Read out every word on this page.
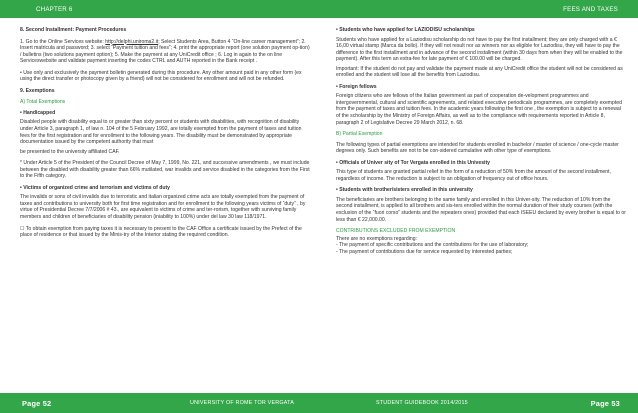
CHAPTER 6	FEES AND TAXES

8. Second Installment: Payment Procedures

1. Go to the Online Services website: http://delphi.uniroma2.it; Select Students Area, Button 4 “On-line career management”; 2. Insert matricula and password; 3. select “Payment tuition and fees”; 4. print the appropriate report (one solution payment op-tion) / bulletins (two solutions payment option); 5. Make the payment at any UniCredit office ; 6. Log in again to the on line Serviceswebsite and validate payment inserting the codes CTRL and AUTH reported in the Bank receipt .

• Use only and exclusively the payment bolletin generated during this procedure. Any other amount paid in any other form (ex using the direct transfer or photocopy given by a friend) will not be considered for enrollment and will not be refunded.

9. Exemptions

A) Total Exemptions

• Handicapped

Disabled people with disability equal to or greater than sixty percent or students with disabilities, with recognition of disability under Article 3, paragraph 1, of law n. 104 of the 5 February 1992, are totally exempted from the payment of taxes and tuition fees for the first registration and for enrollment to the following years. The disability must be demonstrated by appropriate documentation issued by the competent authority that must

be presented to the university affiliated CAF.

* Under Article 5 of the President of the Council Decree of May 7, 1999, No. 221, and successive amendments , we must include between the disabled with disability greater than 66% mutilated, war invalids and service disabled in the categories from the First to the Fifth category.

• Victims of organized crime and terrorism and victims of duty

The invalids or sons of civil invalids due to terroristic and italian organized crime acts are totally exempted from the payment of taxes and contributions to university both for first time registration and for enrollment to the following years victims of “duty” , by virtue of Presidential Decree 7/7/2006 # 43., are equivalent to victims of crime and ter-rorism, together with surviving family members and children of beneficiaries of disability pension (iniability to 100%) under del law 30 law 118/1971.

☐ To obtain exemption from paying taxes it is necessary to present to the CAF Office a certificate issued by the Prefect of the place of residence or that issued by the Minis-try of the Interior stating the required condition.

• Students who have applied for LAZIODISU scholarships

Students who have applied for a Laziodisu scholarship do not have to pay the first installment; they are only charged with a € 16,00 virtual stamp (Marca da bollo). If they will not result nor as winners nor as eligible for Laziodisu, they will have to pay the difference to the first installment and in advance of the second installment (within 30 days from when they will be enabled to the payment). After this term an extra-fee for late payment of € 100.00 will be charged.

Important: If the student do not pay and validate the payment made at any UniCredit office the student will not be considered as enrolled and the student will lose all the benefits from Laziodisu.

• Foreign fellows

Foreign citizens who are fellows of the Italian government as part of cooperation de-velopment programmes and intergovernmental, cultural and scientific agreements, and related executive periodicals programmes, are completely exempted from the payment of taxes and tuition fees. In the academic years following the first one , the exemption is subject to a renewal of the scholarship by the Ministry of Foreign Affairs, as well as to the compliance with requirements reported in Article 8, paragraph 2 of Legislative Decree 29 March 2012, n. 68.

B) Partial Exemption

The following types of partial exemptions are intended for students enrolled in bachelor / master of science / one-cycle master degrees only. Such benefits are not to be con-sidered cumulative with other type of exemptions.

• Officials of Univer sity of Tor Vergata enrolled in this Univesity

This type of students are granted partial relief in the form of a reduction of 50% from the amount of the second installment, regardless of income. The reduction is subject to an obligation of frequency out of office hours.

• Students with brother/sisters enrolled in this university

The beneficiaries are brothers belonging to the same family and enrolled in this Univer-sity. The reduction of 10% from the second installment, is applied to all brothers and sis-ters enrolled within the normal duration of their study courses (with the exclusion of the “fuori corso” students and the repeaters ones) provided that each ISEEU declared by every brother is equal to or less than € 22,000.00.

CONTRIBUTIONS EXCLUDED FROM EXEMPTION

There are no exemptions regarding:

- The payment of specific contributions and the contributions for the use of laboratory;

- The payment of contributions due for service requested by interested parties;

Page 52	UNIVERSITY OF ROME TOR VERGATA	STUDENT GUIDEBOOK 2014/2015	Page 53
